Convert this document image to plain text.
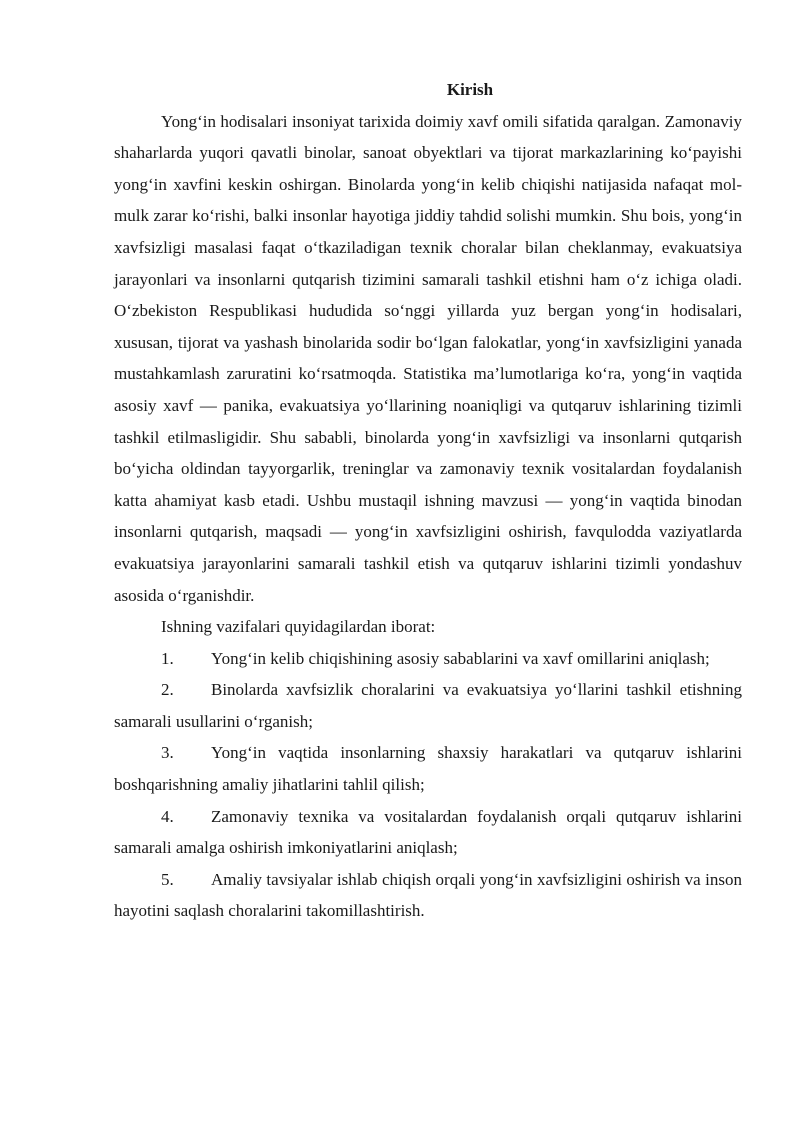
Kirish

Yong‘in hodisalari insoniyat tarixida doimiy xavf omili sifatida qaralgan. Zamonaviy shaharlarda yuqori qavatli binolar, sanoat obyektlari va tijorat markazlarining ko‘payishi yong‘in xavfini keskin oshirgan. Binolarda yong‘in kelib chiqishi natijasida nafaqat mol-mulk zarar ko‘rishi, balki insonlar hayotiga jiddiy tahdid solishi mumkin. Shu bois, yong‘in xavfsizligi masalasi faqat o‘tkaziladigan texnik choralar bilan cheklanmay, evakuatsiya jarayonlari va insonlarni qutqarish tizimini samarali tashkil etishni ham o‘z ichiga oladi. O‘zbekiston Respublikasi hududida so‘nggi yillarda yuz bergan yong‘in hodisalari, xususan, tijorat va yashash binolarida sodir bo‘lgan falokatlar, yong‘in xavfsizligini yanada mustahkamlash zaruratini ko‘rsatmoqda. Statistika ma’lumotlariga ko‘ra, yong‘in vaqtida asosiy xavf — panika, evakuatsiya yo‘llarining noaniqligi va qutqaruv ishlarining tizimli tashkil etilmasligidir. Shu sababli, binolarda yong‘in xavfsizligi va insonlarni qutqarish bo‘yicha oldindan tayyorgarlik, treninglar va zamonaviy texnik vositalardan foydalanish katta ahamiyat kasb etadi. Ushbu mustaqil ishning mavzusi — yong‘in vaqtida binodan insonlarni qutqarish, maqsadi — yong‘in xavfsizligini oshirish, favqulodda vaziyatlarda evakuatsiya jarayonlarini samarali tashkil etish va qutqaruv ishlarini tizimli yondashuv asosida o‘rganishdir.

Ishning vazifalari quyidagilardan iborat:

1. Yong‘in kelib chiqishining asosiy sabablarini va xavf omillarini aniqlash;

2. Binolarda xavfsizlik choralarini va evakuatsiya yo‘llarini tashkil etishning samarali usullarini o‘rganish;

3. Yong‘in vaqtida insonlarning shaxsiy harakatlari va qutqaruv ishlarini boshqarishning amaliy jihatlarini tahlil qilish;

4. Zamonaviy texnika va vositalardan foydalanish orqali qutqaruv ishlarini samarali amalga oshirish imkoniyatlarini aniqlash;

5. Amaliy tavsiyalar ishlab chiqish orqali yong‘in xavfsizligini oshirish va inson hayotini saqlash choralarini takomillashtirish.
